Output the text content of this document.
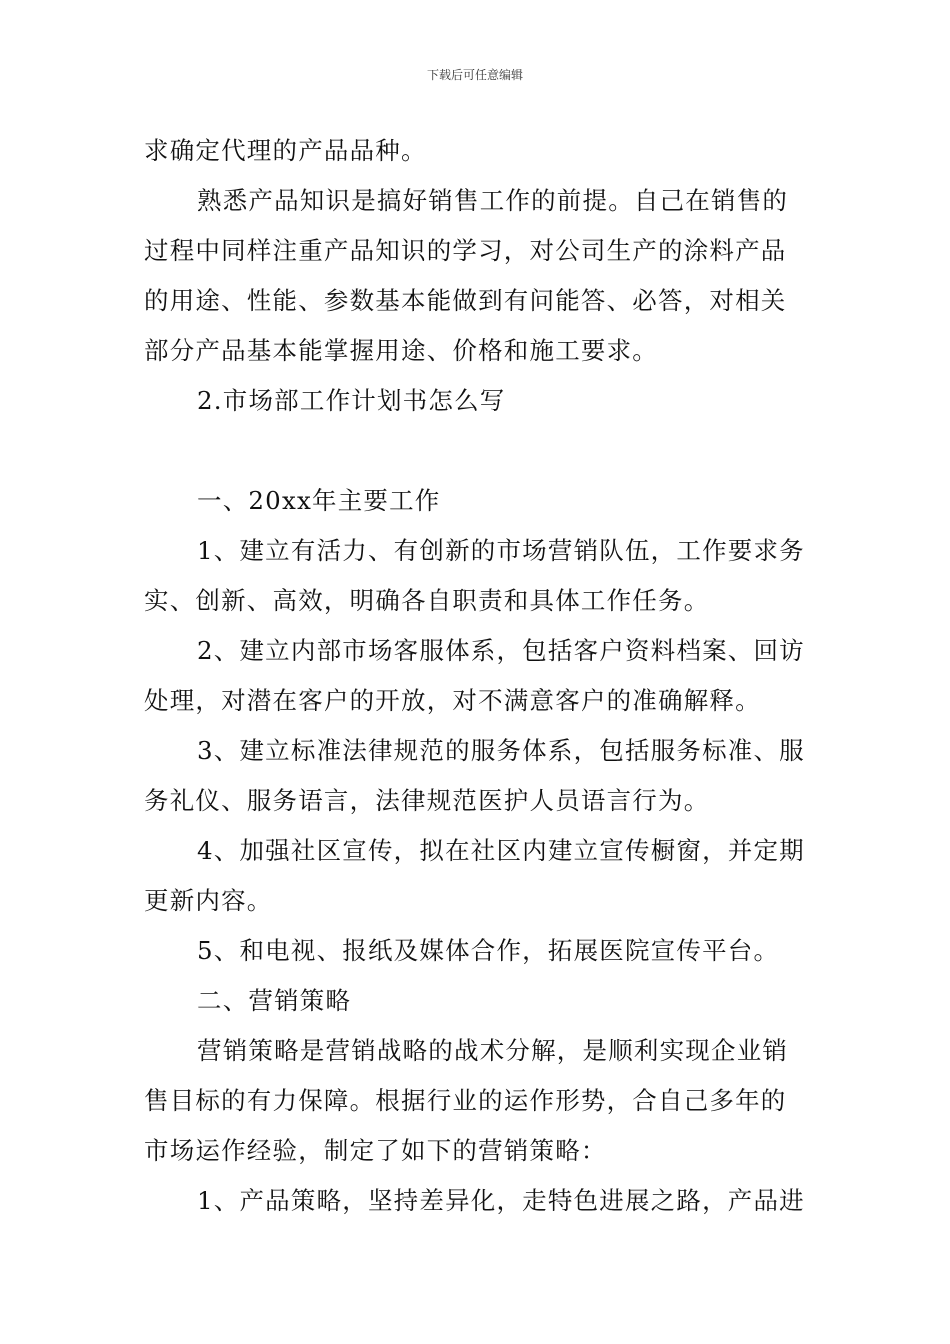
下载后可任意编辑

求确定代理的产品品种。

熟悉产品知识是搞好销售工作的前提。自己在销售的过程中同样注重产品知识的学习，对公司生产的涂料产品的用途、性能、参数基本能做到有问能答、必答，对相关部分产品基本能掌握用途、价格和施工要求。

2.市场部工作计划书怎么写

一、20xx年主要工作

1、建立有活力、有创新的市场营销队伍，工作要求务实、创新、高效，明确各自职责和具体工作任务。

2、建立内部市场客服体系，包括客户资料档案、回访处理，对潜在客户的开放，对不满意客户的准确解释。

3、建立标准法律规范的服务体系，包括服务标准、服务礼仪、服务语言，法律规范医护人员语言行为。

4、加强社区宣传，拟在社区内建立宣传橱窗，并定期更新内容。

5、和电视、报纸及媒体合作，拓展医院宣传平台。

二、营销策略

营销策略是营销战略的战术分解，是顺利实现企业销售目标的有力保障。根据行业的运作形势，合自己多年的市场运作经验，制定了如下的营销策略：

1、产品策略，坚持差异化，走特色进展之路，产品进
